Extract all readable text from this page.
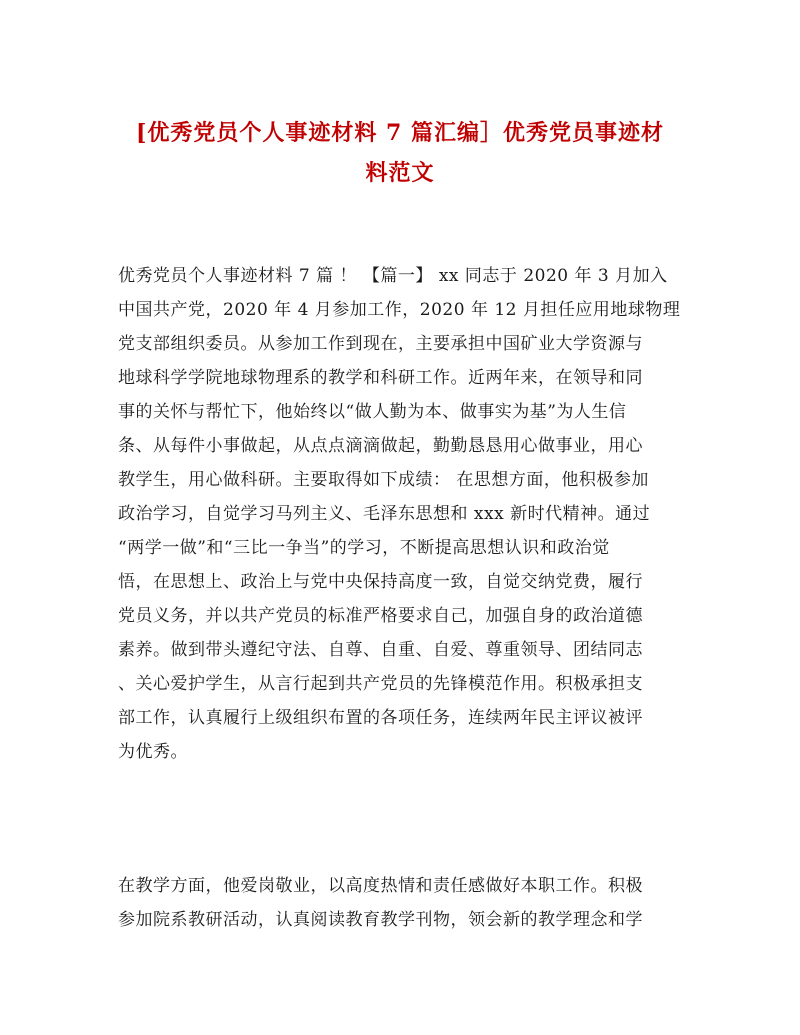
[优秀党员个人事迹材料 7 篇汇编］优秀党员事迹材
料范文
优秀党员个人事迹材料 7 篇 ！ 【篇一】 xx 同志于 2020 年 3 月加入
中国共产党，2020 年 4 月参加工作，2020 年 12 月担任应用地球物理
党支部组织委员。从参加工作到现在，主要承担中国矿业大学资源与
地球科学学院地球物理系的教学和科研工作。近两年来，在领导和同
事的关怀与帮忙下，他始终以“做人勤为本、做事实为基”为人生信
条、从每件小事做起，从点点滴滴做起，勤勤恳恳用心做事业，用心
教学生，用心做科研。主要取得如下成绩： 在思想方面，他积极参加
政治学习，自觉学习马列主义、毛泽东思想和 xxx 新时代精神。通过
“两学一做”和“三比一争当”的学习，不断提高思想认识和政治觉
悟，在思想上、政治上与党中央保持高度一致，自觉交纳党费，履行
党员义务，并以共产党员的标准严格要求自己，加强自身的政治道德
素养。做到带头遵纪守法、自尊、自重、自爱、尊重领导、团结同志
、关心爱护学生，从言行起到共产党员的先锋模范作用。积极承担支
部工作，认真履行上级组织布置的各项任务，连续两年民主评议被评
为优秀。
在教学方面，他爱岗敬业，以高度热情和责任感做好本职工作。积极
参加院系教研活动，认真阅读教育教学刊物，领会新的教学理念和学
